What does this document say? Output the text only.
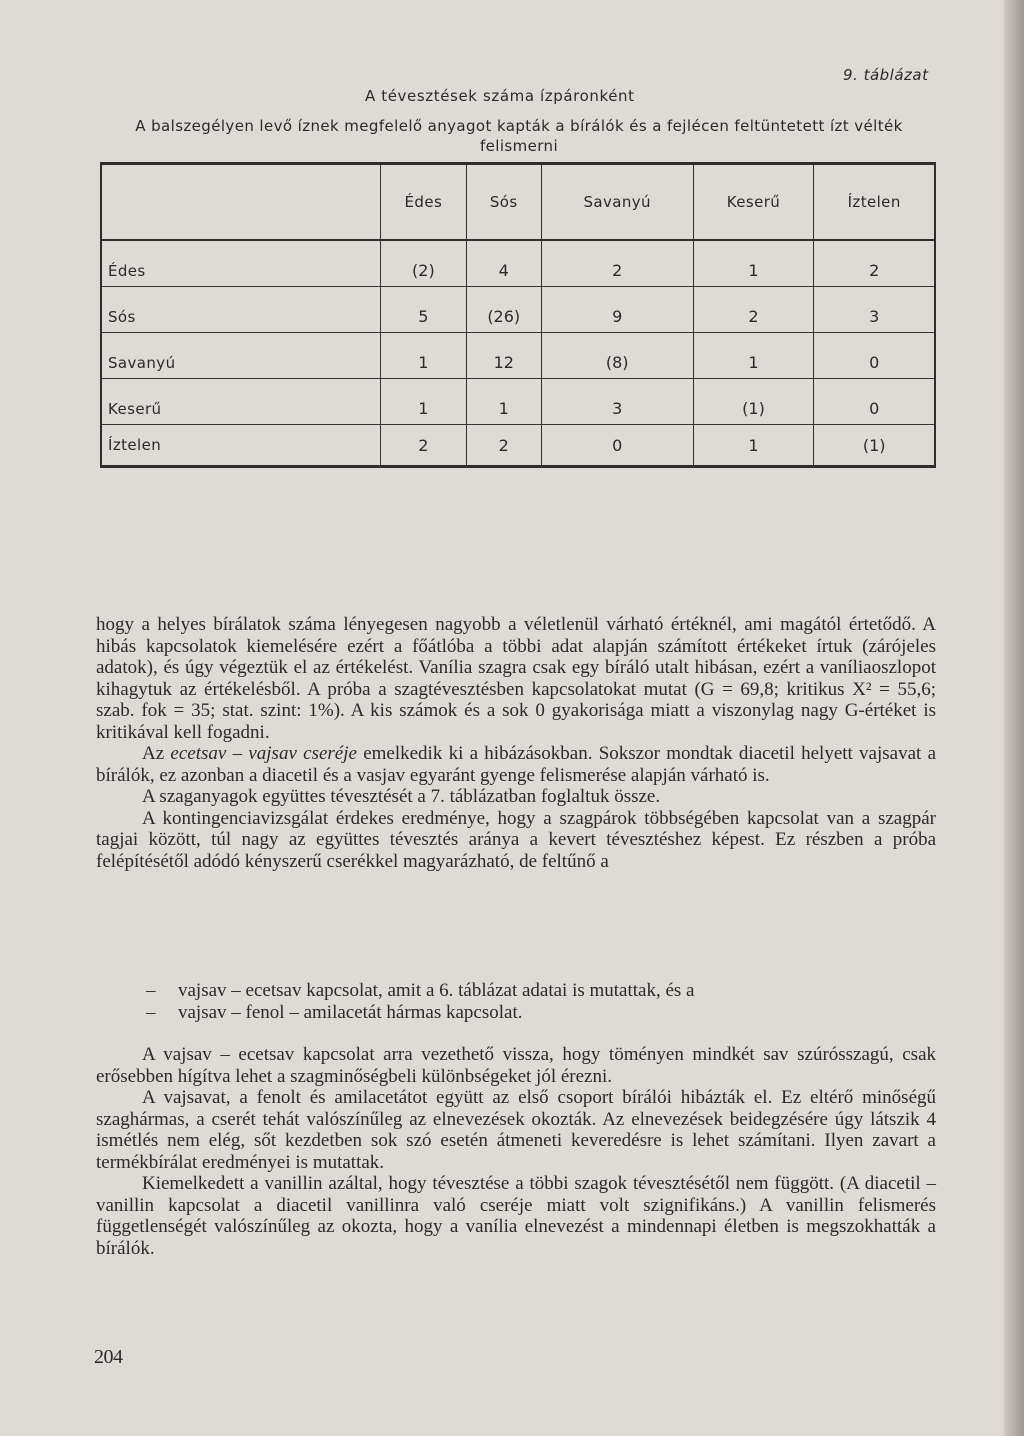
9. táblázat
A tévesztések száma ízpáronként
A balszegélyen levő íznek megfelelő anyagot kapták a bírálók és a fejlécen feltüntetett ízt vélték felismerni
	Édes	Sós	Savanyú	Keserű	Íztelen
Édes	(2)	4	2	1	2
Sós	5	(26)	9	2	3
Savanyú	1	12	(8)	1	0
Keserű	1	1	3	(1)	0
Íztelen	2	2	0	1	(1)

hogy a helyes bírálatok száma lényegesen nagyobb a véletlenül várható értéknél, ami magától értetődő. A hibás kapcsolatok kiemelésére ezért a főátlóba a többi adat alapján számított értékeket írtuk (zárójeles adatok), és úgy végeztük el az értékelést. Vanília szagra csak egy bíráló utalt hibásan, ezért a vaníliaoszlopot kihagytuk az értékelésből. A próba a szagtévesztésben kapcsolatokat mutat (G = 69,8; kritikus X² = 55,6; szab. fok = 35; stat. szint: 1%). A kis számok és a sok 0 gyakorisága miatt a viszonylag nagy G-értéket is kritikával kell fogadni.

Az ecetsav – vajsav cseréje emelkedik ki a hibázásokban. Sokszor mondtak diacetil helyett vajsavat a bírálók, ez azonban a diacetil és a vasjav egyaránt gyenge felismerése alapján várható is.

A szaganyagok együttes tévesztését a 7. táblázatban foglaltuk össze.

A kontingenciavizsgálat érdekes eredménye, hogy a szagpárok többségében kapcsolat van a szagpár tagjai között, túl nagy az együttes tévesztés aránya a kevert tévesztéshez képest. Ez részben a próba felépítésétől adódó kényszerű cserékkel magyarázható, de feltűnő a

–	vajsav – ecetsav kapcsolat, amit a 6. táblázat adatai is mutattak, és a
–	vajsav – fenol – amilacetát hármas kapcsolat.

A vajsav – ecetsav kapcsolat arra vezethető vissza, hogy töményen mindkét sav szúrósszagú, csak erősebben hígítva lehet a szagminőségbeli különbségeket jól érezni.

A vajsavat, a fenolt és amilacetátot együtt az első csoport bírálói hibázták el. Ez eltérő minőségű szaghármas, a cserét tehát valószínűleg az elnevezések okozták. Az elnevezések beidegzésére úgy látszik 4 ismétlés nem elég, sőt kezdetben sok szó esetén átmeneti keveredésre is lehet számítani. Ilyen zavart a termékbírálat eredményei is mutattak.

Kiemelkedett a vanillin azáltal, hogy tévesztése a többi szagok tévesztésétől nem függött. (A diacetil – vanillin kapcsolat a diacetil vanillinra való cseréje miatt volt szignifikáns.) A vanillin felismerés függetlenségét valószínűleg az okozta, hogy a vanília elnevezést a mindennapi életben is megszokhatták a bírálók.

204
